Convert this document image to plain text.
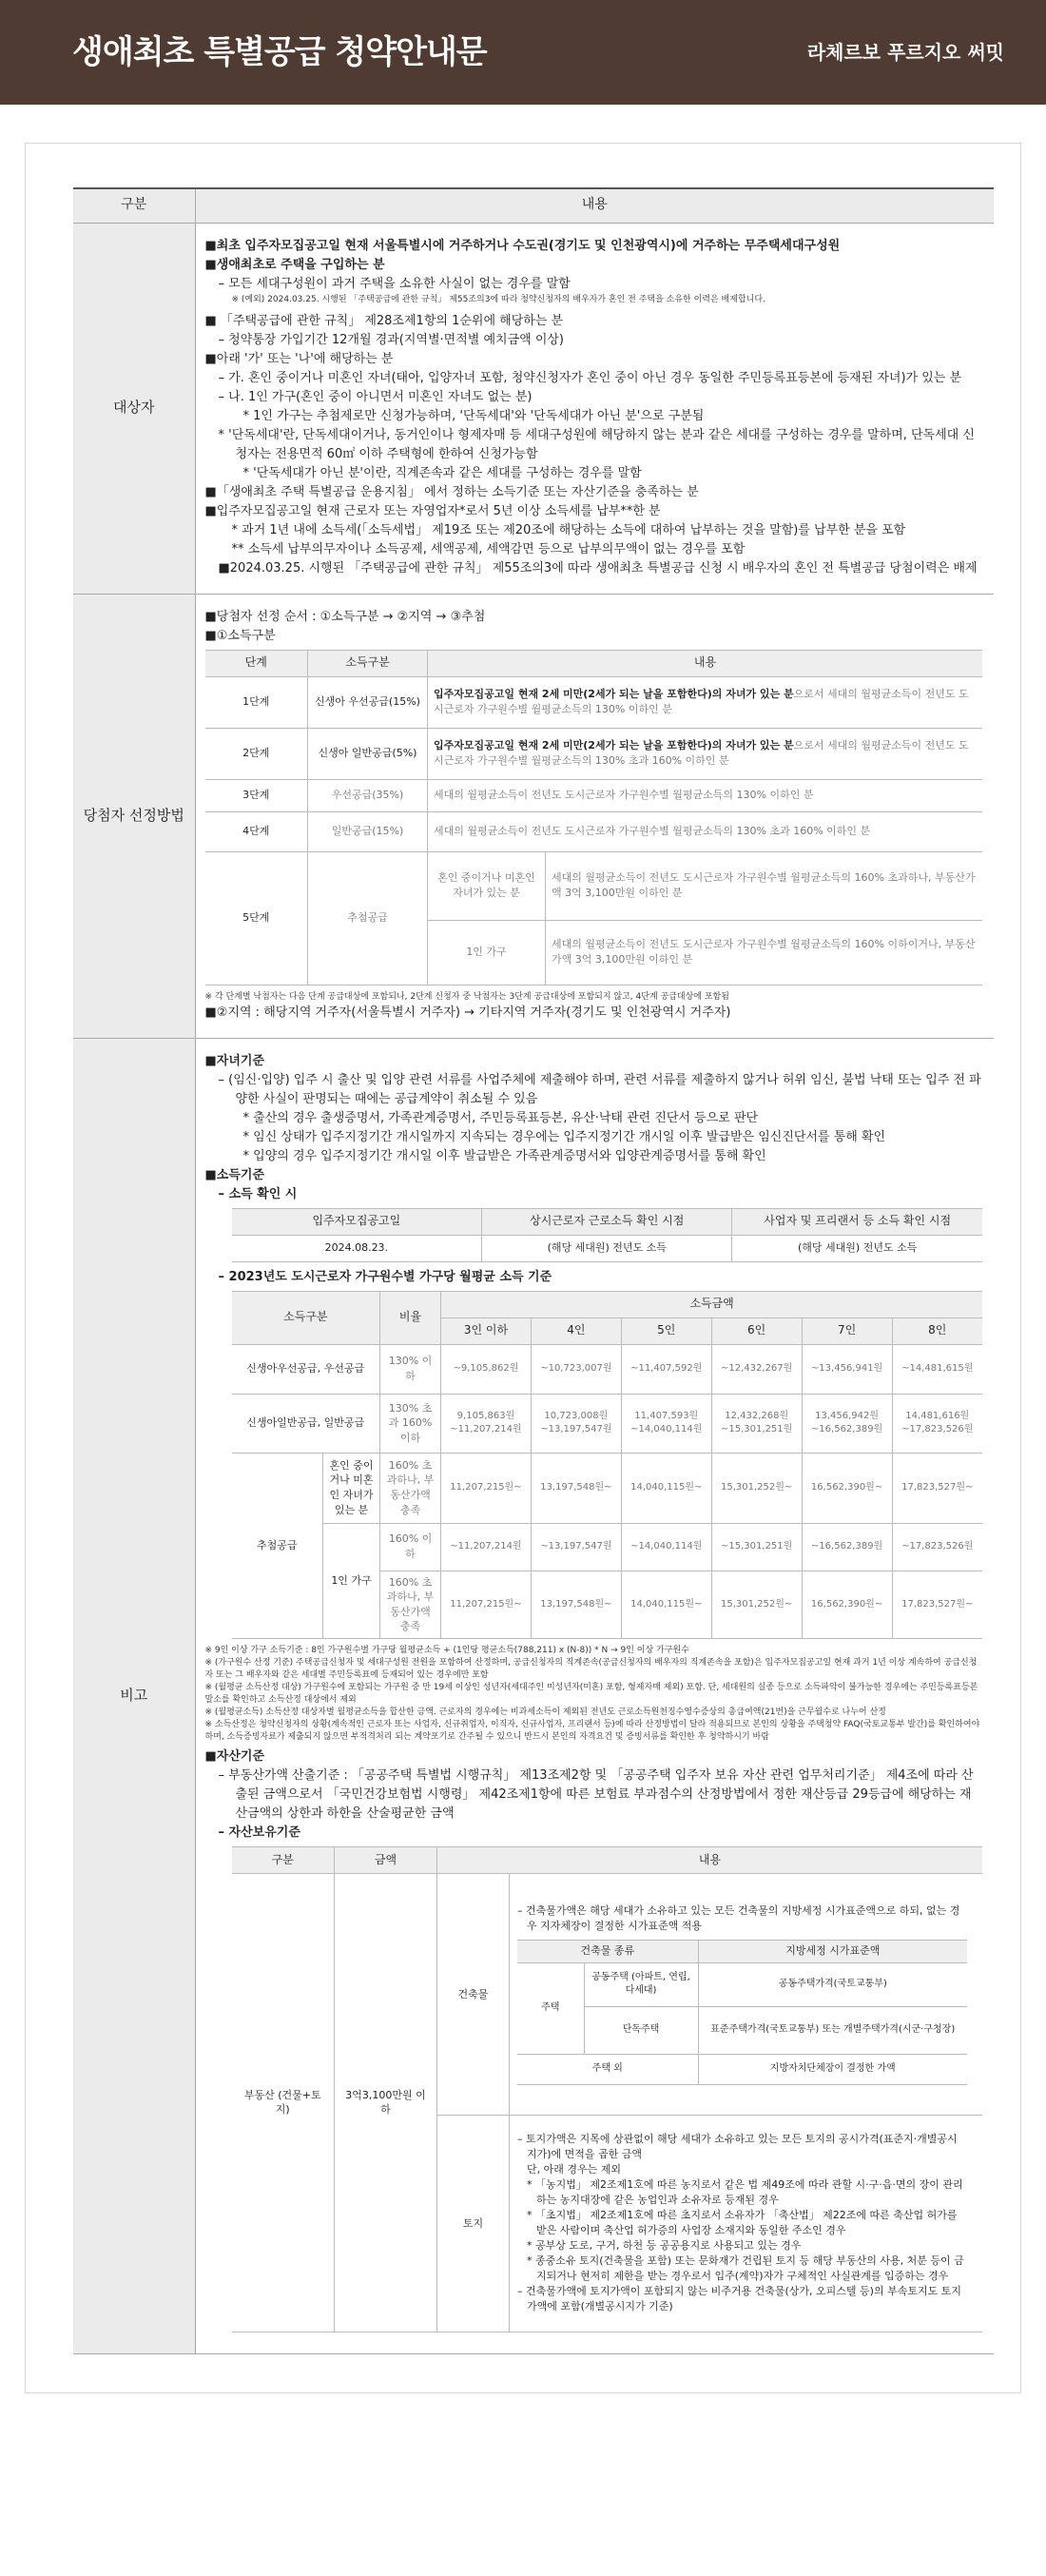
생애최초 특별공급 청약안내문	라체르보 푸르지오 써밋
구분	내용
대상자	
■최초 입주자모집공고일 현재 서울특별시에 거주하거나 수도권(경기도 및 인천광역시)에 거주하는 무주택세대구성원
■생애최초로 주택을 구입하는 분
– 모든 세대구성원이 과거 주택을 소유한 사실이 없는 경우를 말함
※ (예외) 2024.03.25. 시행된 「주택공급에 관한 규칙」 제55조의3에 따라 청약신청자의 배우자가 혼인 전 주택을 소유한 이력은 배제합니다.
■ 「주택공급에 관한 규칙」 제28조제1항의 1순위에 해당하는 분
– 청약통장 가입기간 12개월 경과(지역별·면적별 예치금액 이상)
■아래 '가' 또는 '나'에 해당하는 분
– 가. 혼인 중이거나 미혼인 자녀(태아, 입양자녀 포함, 청약신청자가 혼인 중이 아닌 경우 동일한 주민등록표등본에 등재된 자녀)가 있는 분
– 나. 1인 가구(혼인 중이 아니면서 미혼인 자녀도 없는 분)
* 1인 가구는 추첨제로만 신청가능하며, '단독세대'와 '단독세대가 아닌 분'으로 구분됨
* '단독세대'란, 단독세대이거나, 동거인이나 형제자매 등 세대구성원에 해당하지 않는 분과 같은 세대를 구성하는 경우를 말하며, 단독세대 신청자는 전용면적 60㎡ 이하 주택형에 한하여 신청가능함
* '단독세대가 아닌 분'이란, 직계존속과 같은 세대를 구성하는 경우를 말함
■「생애최초 주택 특별공급 운용지침」 에서 정하는 소득기준 또는 자산기준을 충족하는 분
■입주자모집공고일 현재 근로자 또는 자영업자*로서 5년 이상 소득세를 납부**한 분
* 과거 1년 내에 소득세(「소득세법」 제19조 또는 제20조에 해당하는 소득에 대하여 납부하는 것을 말함)를 납부한 분을 포함
** 소득세 납부의무자이나 소득공제, 세액공제, 세액감면 등으로 납부의무액이 없는 경우를 포함
■2024.03.25. 시행된 「주택공급에 관한 규칙」 제55조의3에 따라 생애최초 특별공급 신청 시 배우자의 혼인 전 특별공급 당첨이력은 배제

당첨자 선정방법	
■당첨자 선정 순서 : ①소득구분 → ②지역 → ③추첨
■①소득구분
단계	소득구분	내용
1단계	신생아 우선공급(15%)	입주자모집공고일 현재 2세 미만(2세가 되는 날을 포함한다)의 자녀가 있는 분으로서 세대의 월평균소득이 전년도 도시근로자 가구원수별 월평균소득의 130% 이하인 분
2단계	신생아 일반공급(5%)	입주자모집공고일 현재 2세 미만(2세가 되는 날을 포함한다)의 자녀가 있는 분으로서 세대의 월평균소득이 전년도 도시근로자 가구원수별 월평균소득의 130% 초과 160% 이하인 분
3단계	우선공급(35%)	세대의 월평균소득이 전년도 도시근로자 가구원수별 월평균소득의 130% 이하인 분
4단계	일반공급(15%)	세대의 월평균소득이 전년도 도시근로자 가구원수별 월평균소득의 130% 초과 160% 이하인 분
5단계	추첨공급	혼인 중이거나 미혼인 자녀가 있는 분	세대의 월평균소득이 전년도 도시근로자 가구원수별 월평균소득의 160% 초과하나, 부동산가액 3억 3,100만원 이하인 분
1인 가구	세대의 월평균소득이 전년도 도시근로자 가구원수별 월평균소득의 160% 이하이거나, 부동산가액 3억 3,100만원 이하인 분
※ 각 단계별 낙첨자는 다음 단계 공급대상에 포함되나, 2단계 신청자 중 낙첨자는 3단계 공급대상에 포함되지 않고, 4단계 공급대상에 포함됨
■②지역 : 해당지역 거주자(서울특별시 거주자) → 기타지역 거주자(경기도 및 인천광역시 거주자)

비고	
■자녀기준
– (임신·입양) 입주 시 출산 및 입양 관련 서류를 사업주체에 제출해야 하며, 관련 서류를 제출하지 않거나 허위 임신, 불법 낙태 또는 입주 전 파양한 사실이 판명되는 때에는 공급계약이 취소될 수 있음
* 출산의 경우 출생증명서, 가족관계증명서, 주민등록표등본, 유산·낙태 관련 진단서 등으로 판단
* 임신 상태가 입주지정기간 개시일까지 지속되는 경우에는 입주지정기간 개시일 이후 발급받은 임신진단서를 통해 확인
* 입양의 경우 입주지정기간 개시일 이후 발급받은 가족관계증명서와 입양관계증명서를 통해 확인
■소득기준
– 소득 확인 시
입주자모집공고일	상시근로자 근로소득 확인 시점	사업자 및 프리랜서 등 소득 확인 시점
2024.08.23.	(해당 세대원) 전년도 소득	(해당 세대원) 전년도 소득
– 2023년도 도시근로자 가구원수별 가구당 월평균 소득 기준
소득구분	비율	소득금액
3인 이하	4인	5인	6인	7인	8인
신생아우선공급, 우선공급	130% 이하	~9,105,862원	~10,723,007원	~11,407,592원	~12,432,267원	~13,456,941원	~14,481,615원
신생아일반공급, 일반공급	130% 초과 160% 이하	9,105,863원 ~11,207,214원	10,723,008원 ~13,197,547원	11,407,593원 ~14,040,114원	12,432,268원 ~15,301,251원	13,456,942원 ~16,562,389원	14,481,616원 ~17,823,526원
추첨공급	혼인 중이거나 미혼인 자녀가 있는 분	160% 초과하나, 부동산가액 충족	11,207,215원~	13,197,548원~	14,040,115원~	15,301,252원~	16,562,390원~	17,823,527원~
1인 가구	160% 이하	~11,207,214원	~13,197,547원	~14,040,114원	~15,301,251원	~16,562,389원	~17,823,526원
160% 초과하나, 부동산가액 충족	11,207,215원~	13,197,548원~	14,040,115원~	15,301,252원~	16,562,390원~	17,823,527원~
※ 9인 이상 가구 소득기준 : 8인 가구원수별 가구당 월평균소득 + (1인당 평균소득(788,211) x (N-8)) * N → 9인 이상 가구원수
※ (가구원수 산정 기준) 주택공급신청자 및 세대구성원 전원을 포함하여 산정하며, 공급신청자의 직계존속(공급신청자의 배우자의 직계존속을 포함)은 입주자모집공고일 현재 과거 1년 이상 계속하여 공급신청자 또는 그 배우자와 같은 세대별 주민등록표에 등재되어 있는 경우에만 포함
※ (월평균 소득산정 대상) 가구원수에 포함되는 가구원 중 만 19세 이상인 성년자(세대주인 미성년자(미혼) 포함, 형제자매 제외) 포함. 단, 세대원의 실종 등으로 소득파악이 불가능한 경우에는 주민등록표등본 말소를 확인하고 소득산정 대상에서 제외
※ (월평균소득) 소득산정 대상자별 월평균소득을 합산한 금액. 근로자의 경우에는 비과세소득이 제외된 전년도 근로소득원천징수영수증상의 총급여액(21번)을 근무월수로 나누어 산정
※ 소득산정은 청약신청자의 상황(계속적인 근로자 또는 사업자, 신규취업자, 이직자, 신규사업자, 프리랜서 등)에 따라 산정방법이 달라 적용되므로 본인의 상황을 주택청약 FAQ(국토교통부 발간)를 확인하여야 하며, 소득증빙자료가 제출되지 않으면 부적격처리 되는 계약포기로 간주될 수 있으니 반드시 본인의 자격요건 및 증빙서류를 확인한 후 청약하시기 바람
■자산기준
– 부동산가액 산출기준 : 「공공주택 특별법 시행규칙」 제13조제2항 및 「공공주택 입주자 보유 자산 관련 업무처리기준」 제4조에 따라 산출된 금액으로서 「국민건강보험법 시행령」 제42조제1항에 따른 보험료 부과점수의 산정방법에서 정한 재산등급 29등급에 해당하는 재산금액의 상한과 하한을 산술평균한 금액
– 자산보유기준
구분	금액	내용
부동산 (건물+토지)	3억3,100만원 이하	건축물	
– 건축물가액은 해당 세대가 소유하고 있는 모든 건축물의 지방세정 시가표준액으로 하되, 없는 경우 지자체장이 결정한 시가표준액 적용
건축물 종류	지방세정 시가표준액
주택	공동주택 (아파트, 연립, 다세대)	공동주택가격(국토교통부)
단독주택	표준주택가격(국토교통부) 또는 개별주택가격(시군·구청장)
주택 외	지방자치단체장이 결정한 가액

토지	
– 토지가액은 지목에 상관없이 해당 세대가 소유하고 있는 모든 토지의 공시가격(표준지·개별공시지가)에 면적을 곱한 금액
단, 아래 경우는 제외
* 「농지법」 제2조제1호에 따른 농지로서 같은 법 제49조에 따라 관할 시·구·읍·면의 장이 관리하는 농지대장에 같은 농업인과 소유자로 등재된 경우
* 「초지법」 제2조제1호에 따른 초지로서 소유자가 「축산법」 제22조에 따른 축산업 허가를 받은 사람이며 축산업 허가증의 사업장 소재지와 동일한 주소인 경우
* 공부상 도로, 구거, 하천 등 공공용지로 사용되고 있는 경우
* 종중소유 토지(건축물을 포함) 또는 문화재가 건립된 토지 등 해당 부동산의 사용, 처분 등이 금지되거나 현저히 제한을 받는 경우로서 입주(계약)자가 구체적인 사실관계를 입증하는 경우
– 건축물가액에 토지가액이 포함되지 않는 비주거용 건축물(상가, 오피스텔 등)의 부속토지도 토지가액에 포함(개별공시지가 기준)
